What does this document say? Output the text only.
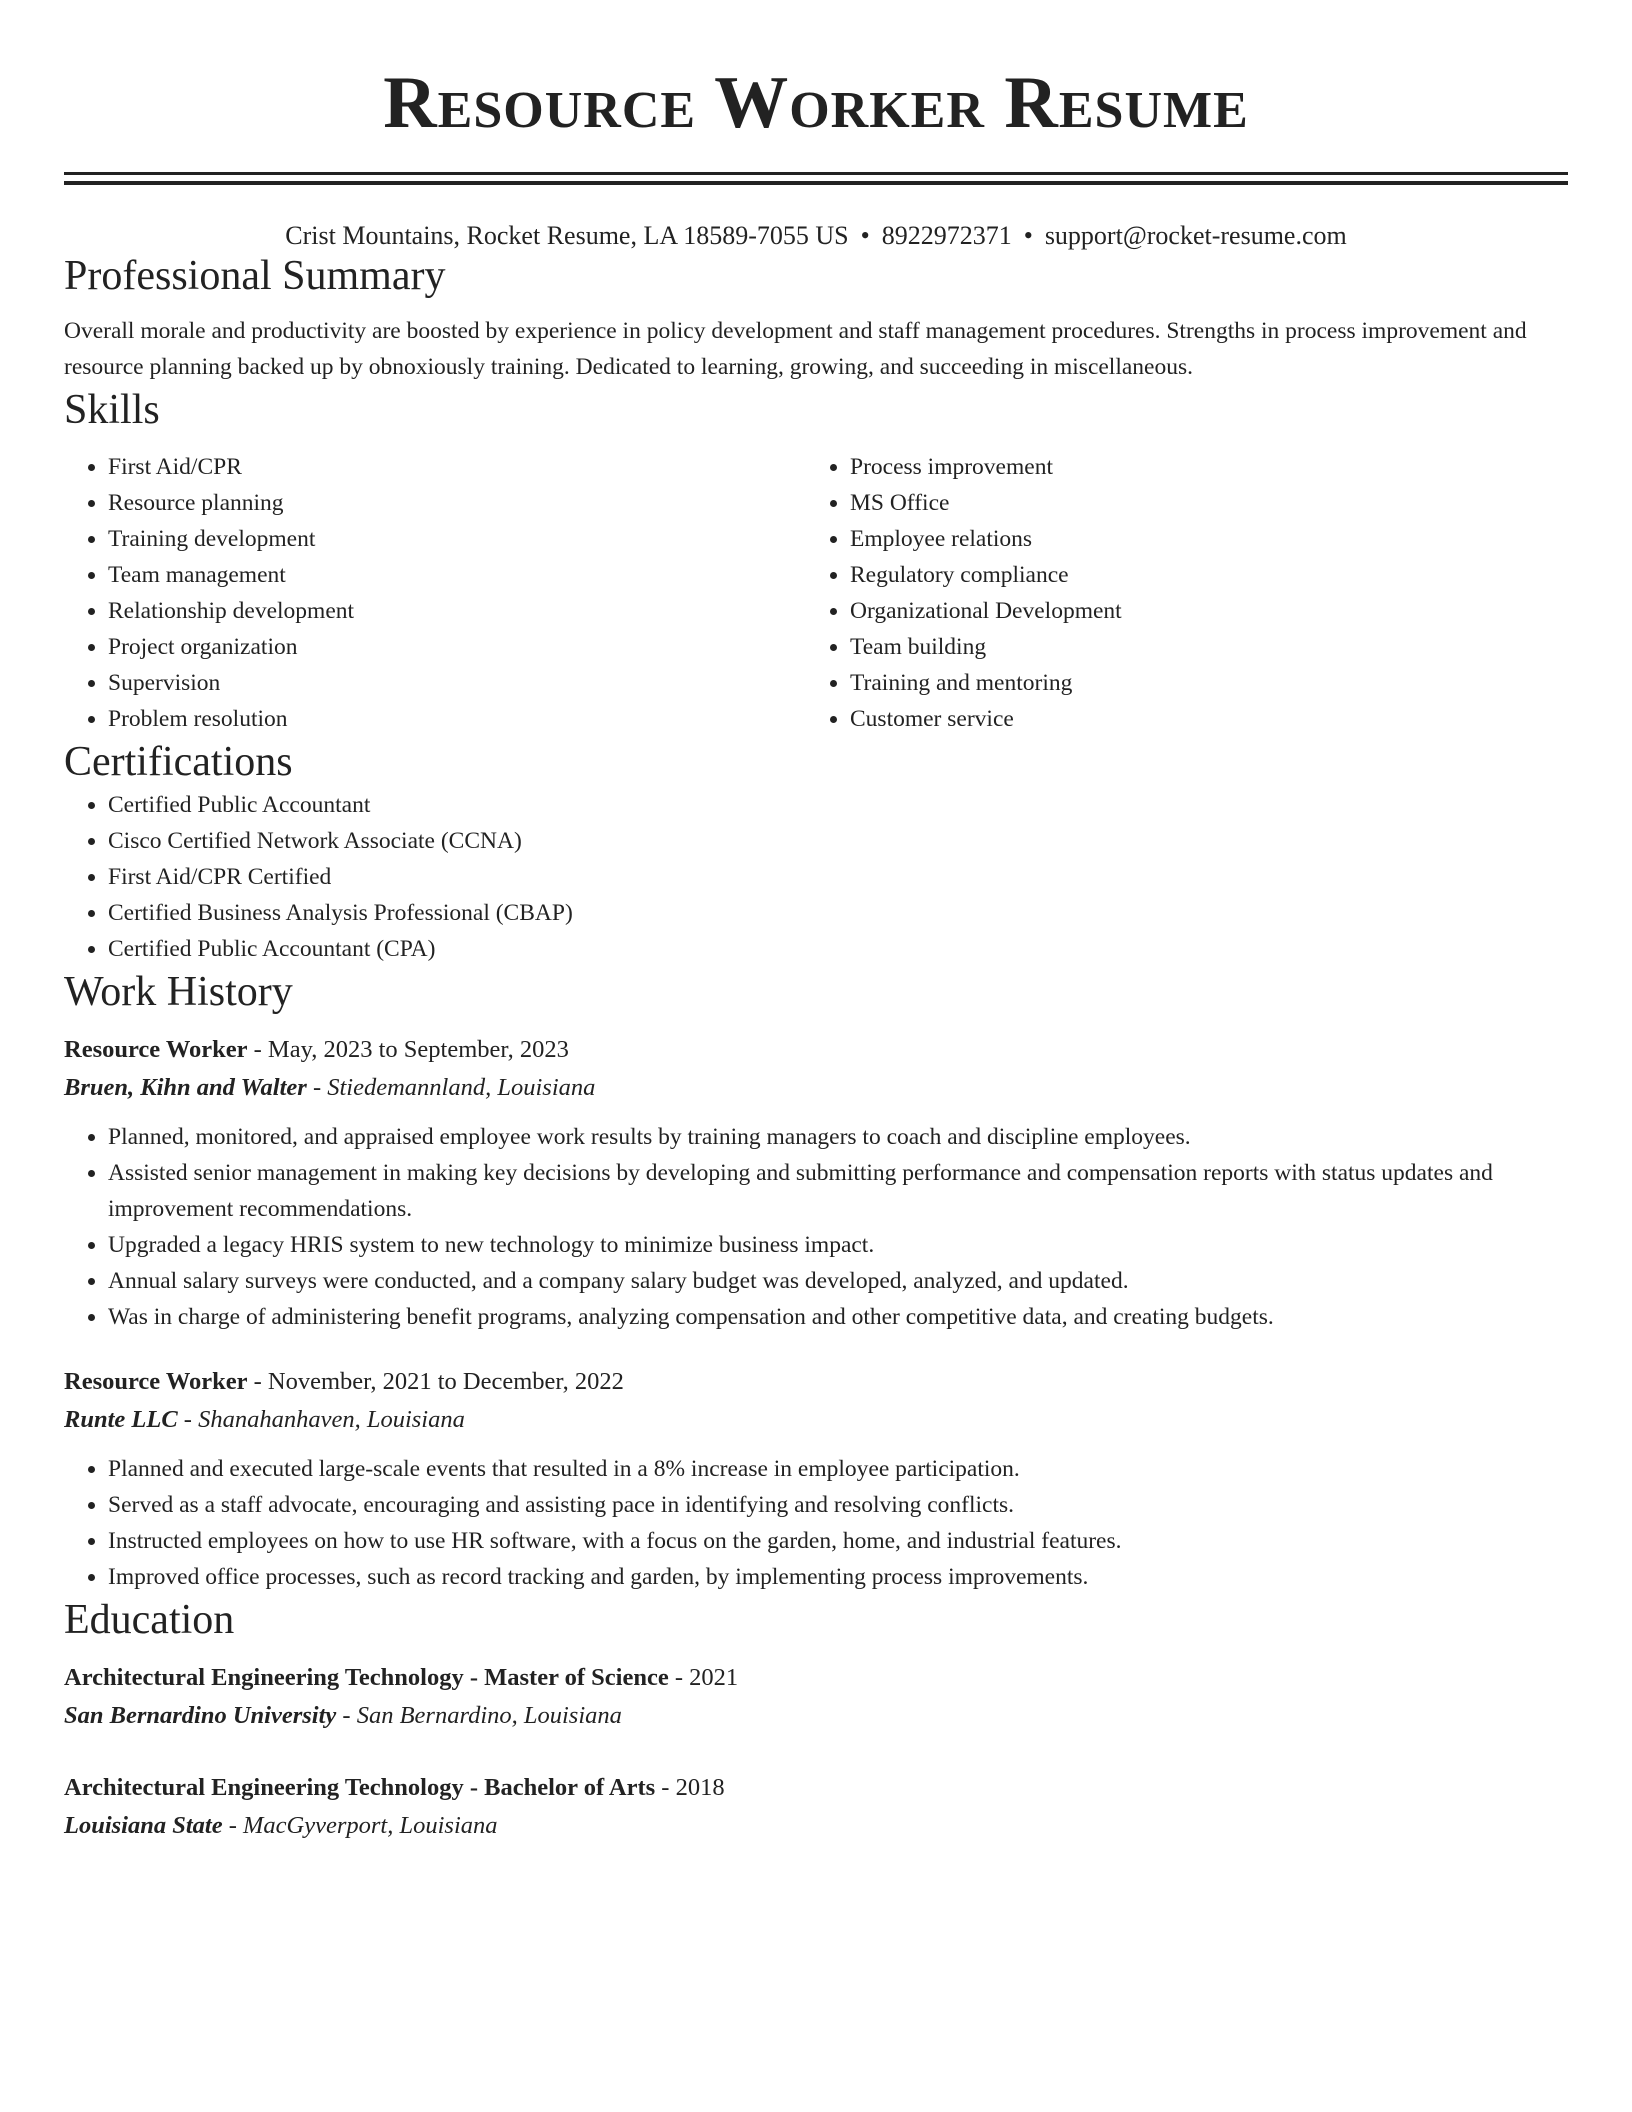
Resource Worker Resume
Crist Mountains, Rocket Resume, LA 18589-7055 US • 8922972371 • support@rocket-resume.com
Professional Summary
Overall morale and productivity are boosted by experience in policy development and staff management procedures. Strengths in process improvement and resource planning backed up by obnoxiously training. Dedicated to learning, growing, and succeeding in miscellaneous.
Skills
• First Aid/CPR
• Resource planning
• Training development
• Team management
• Relationship development
• Project organization
• Supervision
• Problem resolution
• Process improvement
• MS Office
• Employee relations
• Regulatory compliance
• Organizational Development
• Team building
• Training and mentoring
• Customer service
Certifications
• Certified Public Accountant
• Cisco Certified Network Associate (CCNA)
• First Aid/CPR Certified
• Certified Business Analysis Professional (CBAP)
• Certified Public Accountant (CPA)
Work History
Resource Worker - May, 2023 to September, 2023
Bruen, Kihn and Walter - Stiedemannland, Louisiana
• Planned, monitored, and appraised employee work results by training managers to coach and discipline employees.
• Assisted senior management in making key decisions by developing and submitting performance and compensation reports with status updates and improvement recommendations.
• Upgraded a legacy HRIS system to new technology to minimize business impact.
• Annual salary surveys were conducted, and a company salary budget was developed, analyzed, and updated.
• Was in charge of administering benefit programs, analyzing compensation and other competitive data, and creating budgets.
Resource Worker - November, 2021 to December, 2022
Runte LLC - Shanahanhaven, Louisiana
• Planned and executed large-scale events that resulted in a 8% increase in employee participation.
• Served as a staff advocate, encouraging and assisting pace in identifying and resolving conflicts.
• Instructed employees on how to use HR software, with a focus on the garden, home, and industrial features.
• Improved office processes, such as record tracking and garden, by implementing process improvements.
Education
Architectural Engineering Technology - Master of Science - 2021
San Bernardino University - San Bernardino, Louisiana
Architectural Engineering Technology - Bachelor of Arts - 2018
Louisiana State - MacGyverport, Louisiana
